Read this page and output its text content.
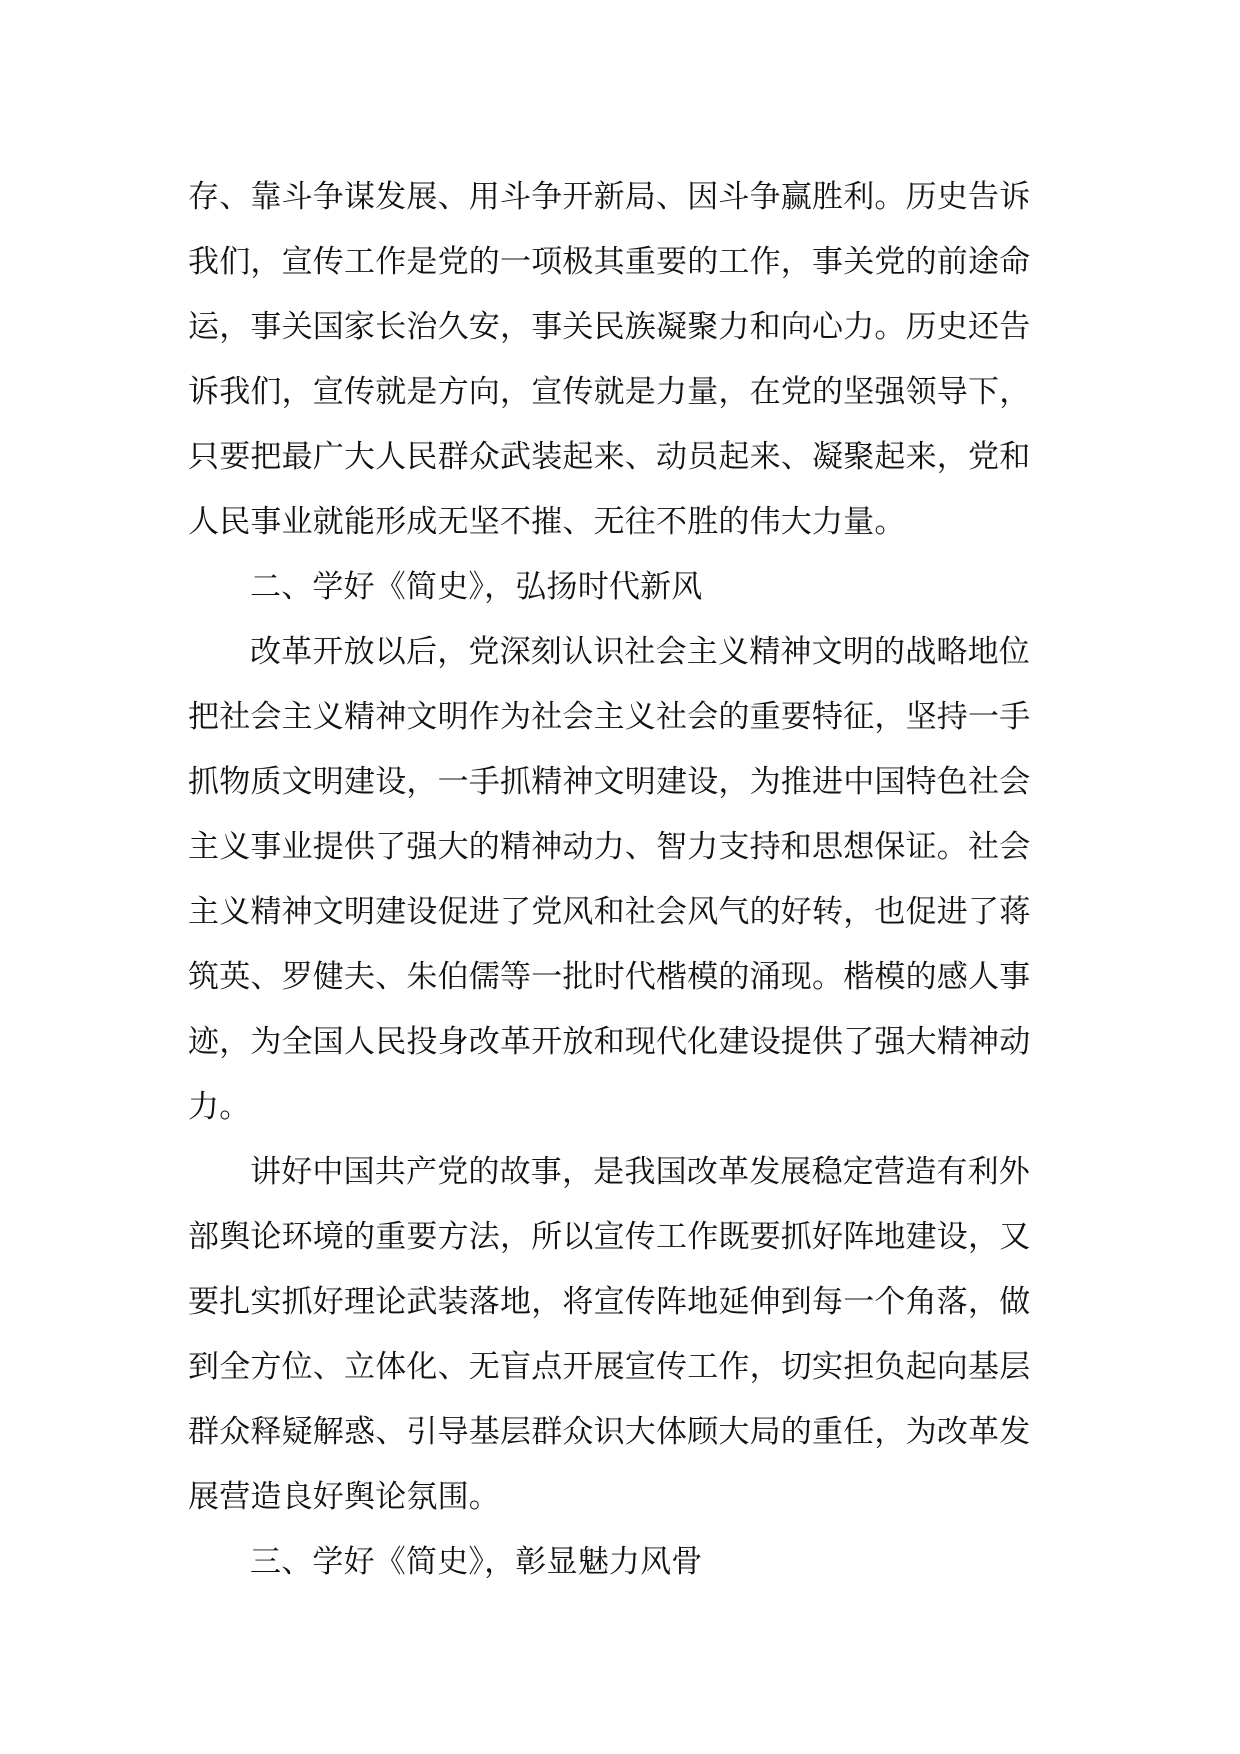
存、靠斗争谋发展、用斗争开新局、因斗争赢胜利。历史告诉
我们，宣传工作是党的一项极其重要的工作，事关党的前途命
运，事关国家长治久安，事关民族凝聚力和向心力。历史还告
诉我们，宣传就是方向，宣传就是力量，在党的坚强领导下，
只要把最广大人民群众武装起来、动员起来、凝聚起来，党和
人民事业就能形成无坚不摧、无往不胜的伟大力量。
二、学好《简史》，弘扬时代新风
改革开放以后，党深刻认识社会主义精神文明的战略地位
把社会主义精神文明作为社会主义社会的重要特征，坚持一手
抓物质文明建设，一手抓精神文明建设，为推进中国特色社会
主义事业提供了强大的精神动力、智力支持和思想保证。社会
主义精神文明建设促进了党风和社会风气的好转，也促进了蒋
筑英、罗健夫、朱伯儒等一批时代楷模的涌现。楷模的感人事
迹，为全国人民投身改革开放和现代化建设提供了强大精神动
力。
讲好中国共产党的故事，是我国改革发展稳定营造有利外
部舆论环境的重要方法，所以宣传工作既要抓好阵地建设，又
要扎实抓好理论武装落地，将宣传阵地延伸到每一个角落，做
到全方位、立体化、无盲点开展宣传工作，切实担负起向基层
群众释疑解惑、引导基层群众识大体顾大局的重任，为改革发
展营造良好舆论氛围。
三、学好《简史》，彰显魅力风骨
